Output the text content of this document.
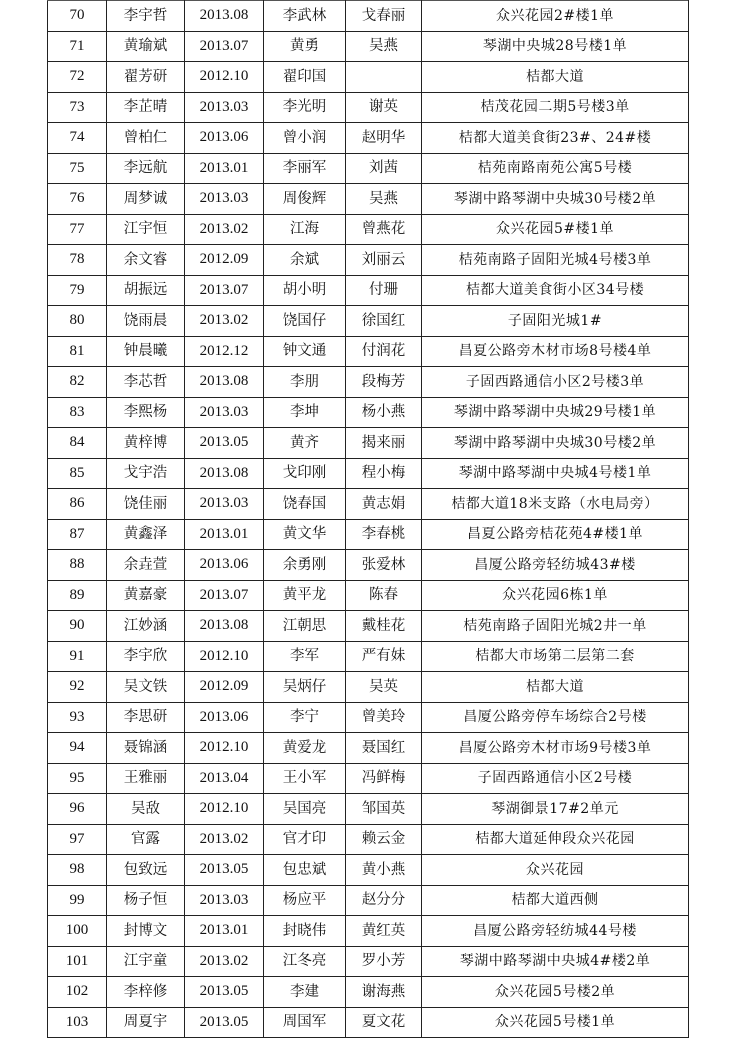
70	李宇哲	2013.08	李武林	戈春丽	众兴花园2#楼1单
71	黄瑜斌	2013.07	黄勇	吴燕	琴湖中央城28号楼1单
72	翟芳研	2012.10	翟印国		桔都大道
73	李芷晴	2013.03	李光明	谢英	桔茂花园二期5号楼3单
74	曾柏仁	2013.06	曾小润	赵明华	桔都大道美食街23#、24#楼
75	李远航	2013.01	李丽军	刘茜	桔苑南路南苑公寓5号楼
76	周梦诚	2013.03	周俊辉	吴燕	琴湖中路琴湖中央城30号楼2单
77	江宇恒	2013.02	江海	曾燕花	众兴花园5#楼1单
78	余文睿	2012.09	余斌	刘丽云	桔苑南路子固阳光城4号楼3单
79	胡振远	2013.07	胡小明	付珊	桔都大道美食街小区34号楼
80	饶雨晨	2013.02	饶国仔	徐国红	子固阳光城1#
81	钟晨曦	2012.12	钟文通	付润花	昌夏公路旁木材市场8号楼4单
82	李芯哲	2013.08	李朋	段梅芳	子固西路通信小区2号楼3单
83	李熙杨	2013.03	李坤	杨小燕	琴湖中路琴湖中央城29号楼1单
84	黄梓博	2013.05	黄齐	揭来丽	琴湖中路琴湖中央城30号楼2单
85	戈宇浩	2013.08	戈印刚	程小梅	琴湖中路琴湖中央城4号楼1单
86	饶佳丽	2013.03	饶春国	黄志娟	桔都大道18米支路（水电局旁）
87	黄鑫泽	2013.01	黄文华	李春桃	昌夏公路旁桔花苑4#楼1单
88	余垚萱	2013.06	余勇刚	张爱林	昌厦公路旁轻纺城43#楼
89	黄嘉豪	2013.07	黄平龙	陈春	众兴花园6栋1单
90	江妙涵	2013.08	江朝思	戴桂花	桔苑南路子固阳光城2井一单
91	李宇欣	2012.10	李军	严有妹	桔都大市场第二层第二套
92	吴文铁	2012.09	吴炳仔	吴英	桔都大道
93	李思研	2013.06	李宁	曾美玲	昌厦公路旁停车场综合2号楼
94	聂锦涵	2012.10	黄爱龙	聂国红	昌厦公路旁木材市场9号楼3单
95	王雅丽	2013.04	王小军	冯鲜梅	子固西路通信小区2号楼
96	吴敌	2012.10	吴国亮	邹国英	琴湖御景17#2单元
97	官露	2013.02	官才印	赖云金	桔都大道延伸段众兴花园
98	包致远	2013.05	包忠斌	黄小燕	众兴花园
99	杨子恒	2013.03	杨应平	赵分分	桔都大道西侧
100	封博文	2013.01	封晓伟	黄红英	昌厦公路旁轻纺城44号楼
101	江宇童	2013.02	江冬亮	罗小芳	琴湖中路琴湖中央城4#楼2单
102	李梓修	2013.05	李建	谢海燕	众兴花园5号楼2单
103	周夏宇	2013.05	周国军	夏文花	众兴花园5号楼1单
